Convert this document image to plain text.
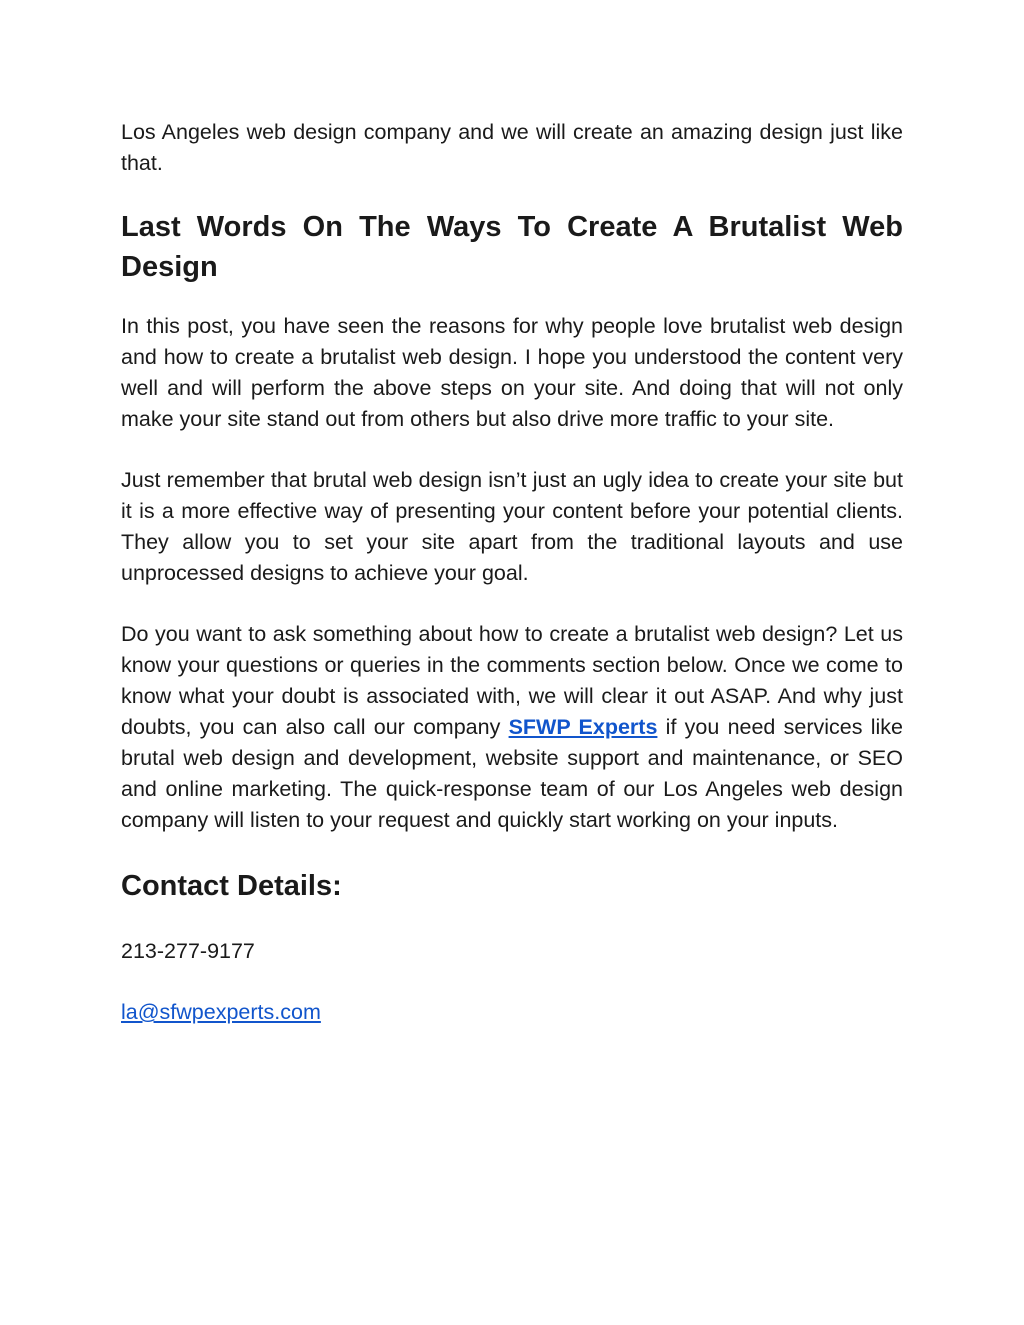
Los Angeles web design company and we will create an amazing design just like that.

Last Words On The Ways To Create A Brutalist Web Design

In this post, you have seen the reasons for why people love brutalist web design and how to create a brutalist web design. I hope you understood the content very well and will perform the above steps on your site. And doing that will not only make your site stand out from others but also drive more traffic to your site.

Just remember that brutal web design isn’t just an ugly idea to create your site but it is a more effective way of presenting your content before your potential clients. They allow you to set your site apart from the traditional layouts and use unprocessed designs to achieve your goal.

Do you want to ask something about how to create a brutalist web design? Let us know your questions or queries in the comments section below. Once we come to know what your doubt is associated with, we will clear it out ASAP. And why just doubts, you can also call our company SFWP Experts if you need services like brutal web design and development, website support and maintenance, or SEO and online marketing. The quick-response team of our Los Angeles web design company will listen to your request and quickly start working on your inputs.

Contact Details:

213-277-9177

la@sfwpexperts.com
